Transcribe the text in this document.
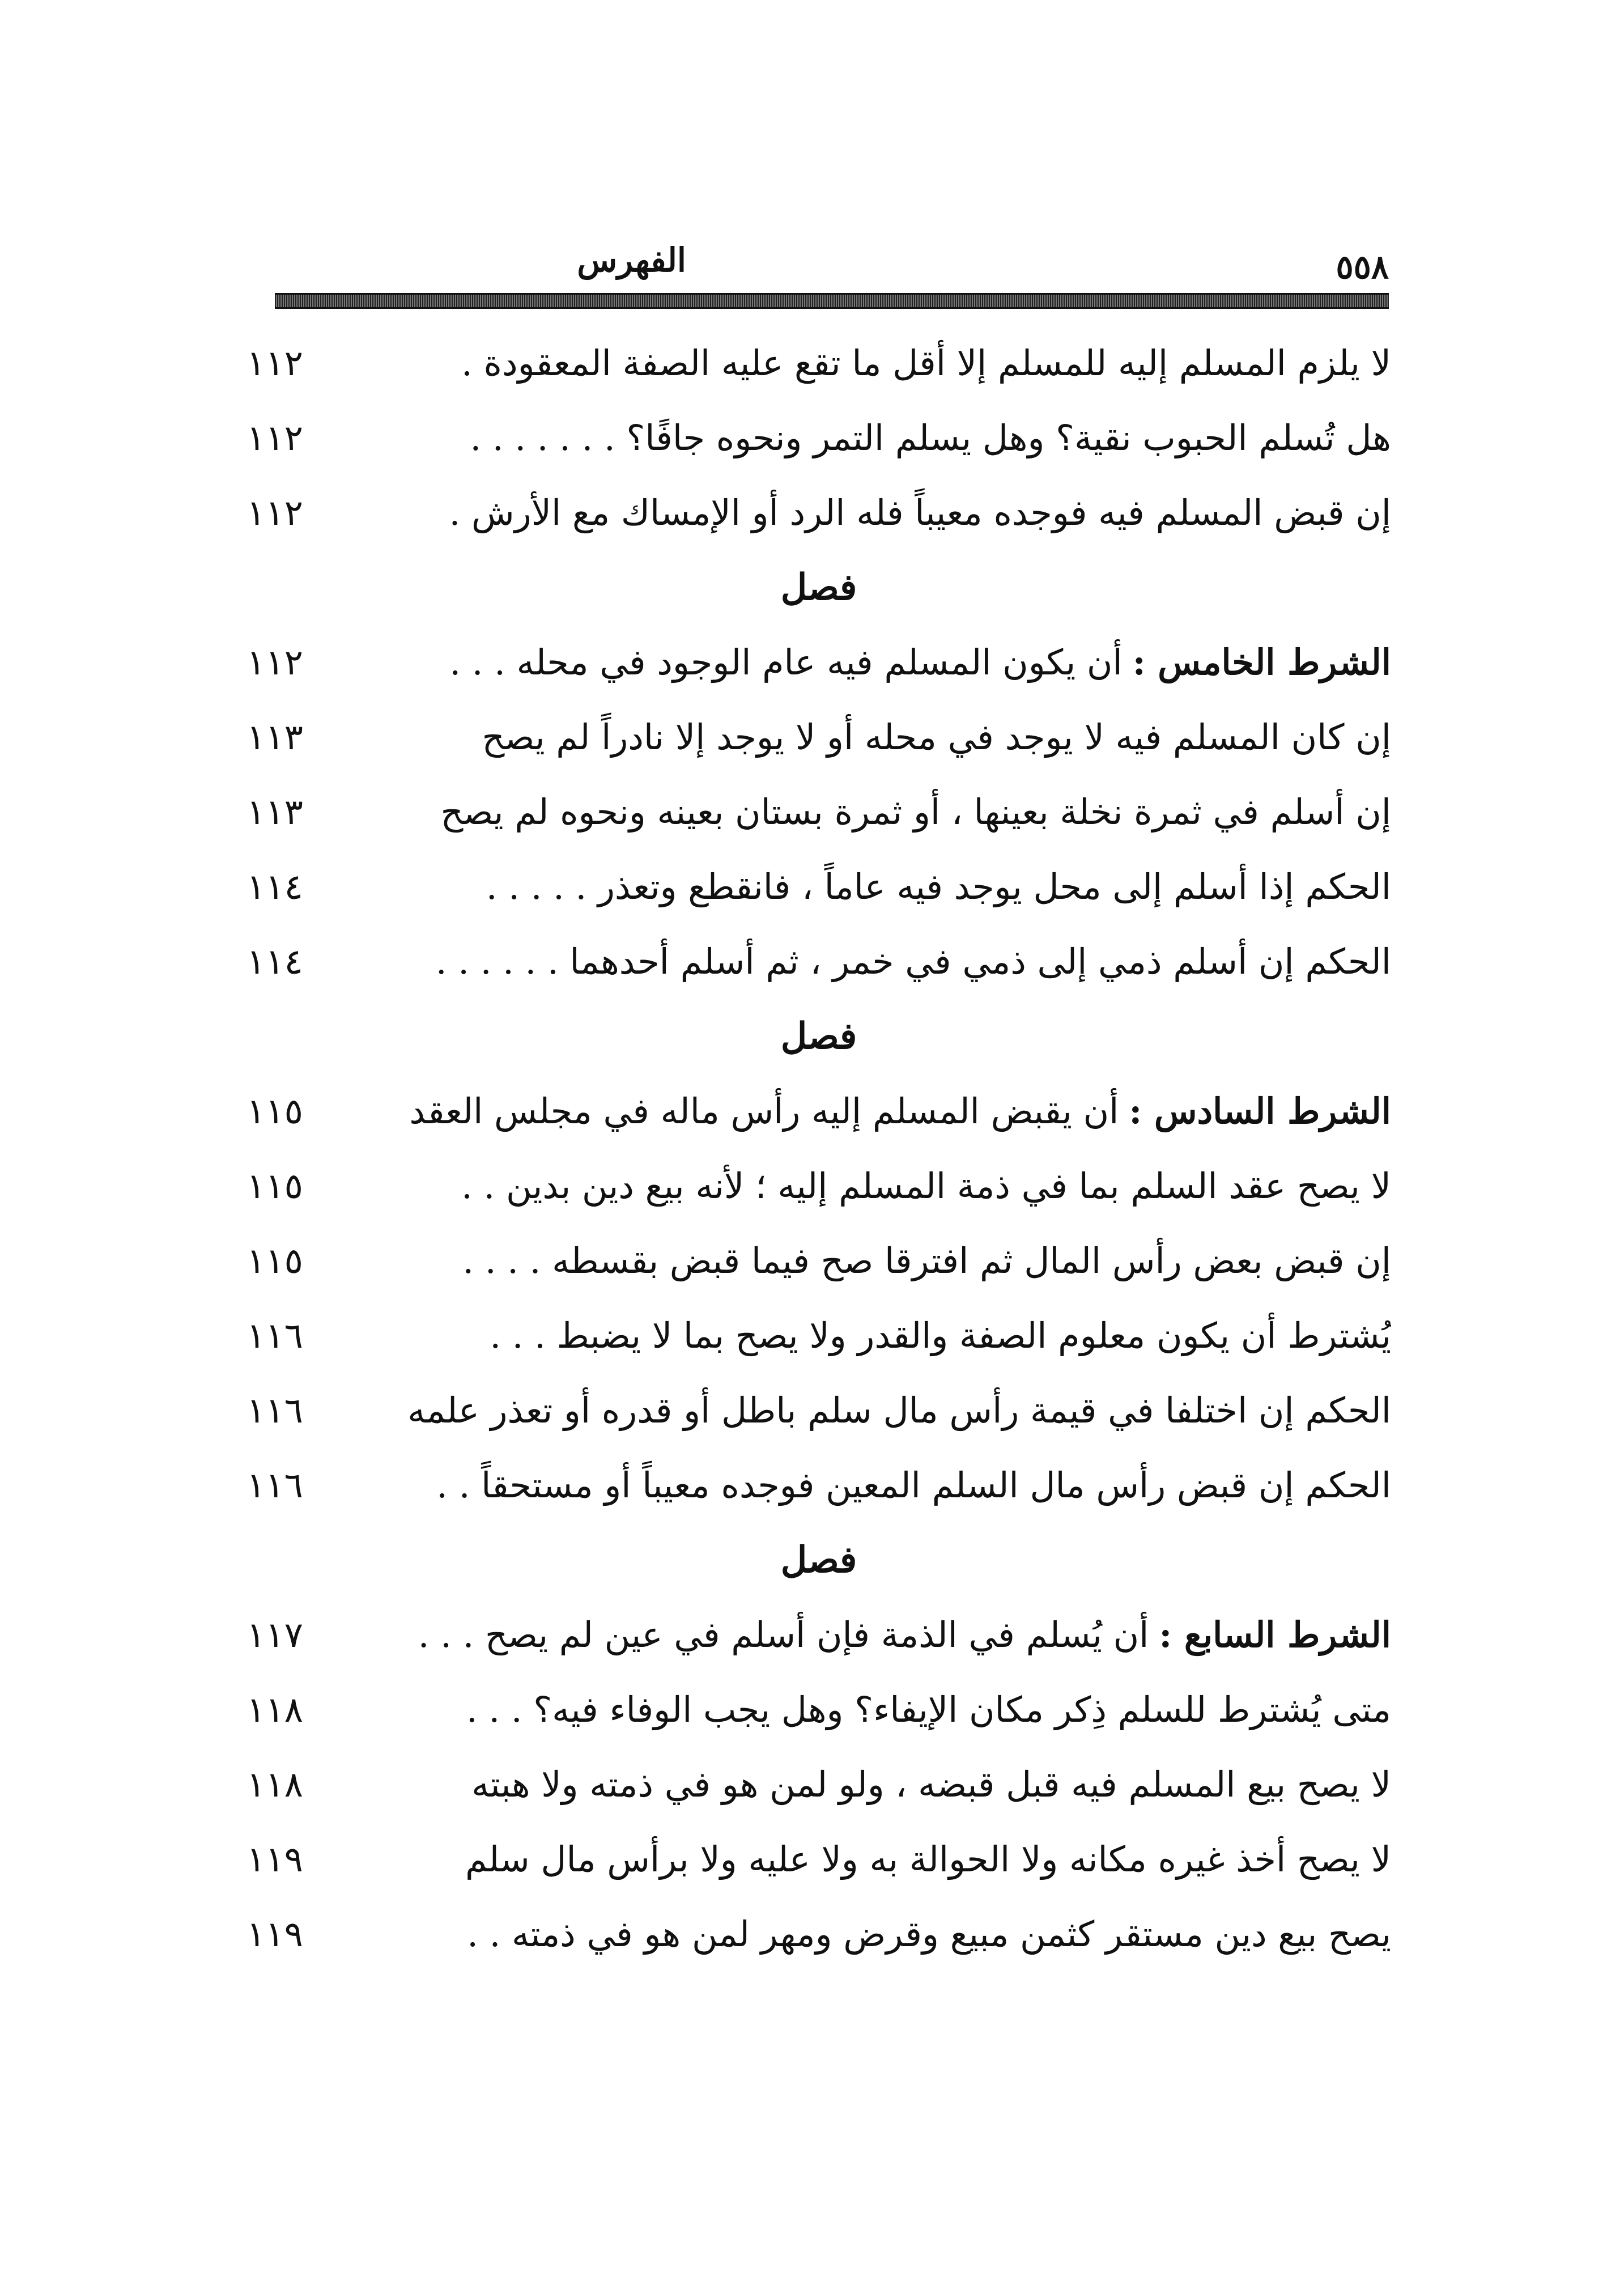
الفهرس	٥٥٨
لا يلزم المسلم إليه للمسلم إلا أقل ما تقع عليه الصفة المعقودة .
١١٢
هل تُسلم الحبوب نقية؟ وهل يسلم التمر ونحوه جافًا؟ . . . . . . .
١١٢
إن قبض المسلم فيه فوجده معيباً فله الرد أو الإمساك مع الأرش .
١١٢
فصل
الشرط الخامس :
أن يكون المسلم فيه عام الوجود في محله . . .
١١٢
إن كان المسلم فيه لا يوجد في محله أو لا يوجد إلا نادراً لم يصح
١١٣
إن أسلم في ثمرة نخلة بعينها ، أو ثمرة بستان بعينه ونحوه لم يصح
١١٣
الحكم إذا أسلم إلى محل يوجد فيه عاماً ، فانقطع وتعذر . . . . .
١١٤
الحكم إن أسلم ذمي إلى ذمي في خمر ، ثم أسلم أحدهما . . . . . .
١١٤
فصل
الشرط السادس :
أن يقبض المسلم إليه رأس ماله في مجلس العقد
١١٥
لا يصح عقد السلم بما في ذمة المسلم إليه ؛ لأنه بيع دين بدين . .
١١٥
إن قبض بعض رأس المال ثم افترقا صح فيما قبض بقسطه . . . .
١١٥
يُشترط أن يكون معلوم الصفة والقدر ولا يصح بما لا يضبط . . .
١١٦
الحكم إن اختلفا في قيمة رأس مال سلم باطل أو قدره أو تعذر علمه
١١٦
الحكم إن قبض رأس مال السلم المعين فوجده معيباً أو مستحقاً . .
١١٦
فصل
الشرط السابع :
أن يُسلم في الذمة فإن أسلم في عين لم يصح . . .
١١٧
متى يُشترط للسلم ذِكر مكان الإيفاء؟ وهل يجب الوفاء فيه؟ . . .
١١٨
لا يصح بيع المسلم فيه قبل قبضه ، ولو لمن هو في ذمته ولا هبته
١١٨
لا يصح أخذ غيره مكانه ولا الحوالة به ولا عليه ولا برأس مال سلم
١١٩
يصح بيع دين مستقر كثمن مبيع وقرض ومهر لمن هو في ذمته . .
١١٩
